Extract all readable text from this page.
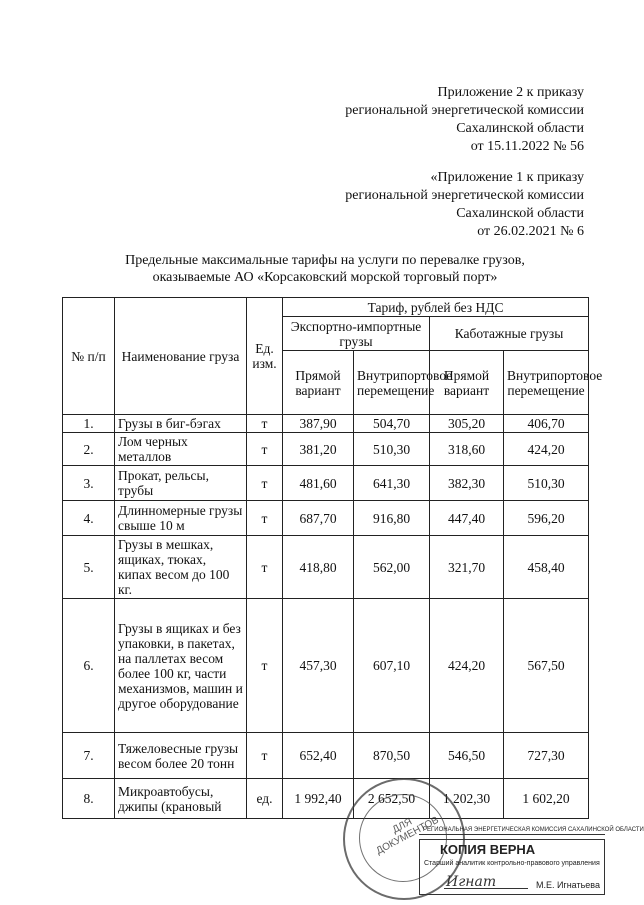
Приложение 2 к приказу
региональной энергетической комиссии
Сахалинской области
от 15.11.2022 № 56
«Приложение 1 к приказу
региональной энергетической комиссии
Сахалинской области
от 26.02.2021 № 6
Предельные максимальные тарифы на услуги по перевалке грузов,
оказываемые АО «Корсаковский морской торговый порт»
№ п/п	Наименование груза	Ед. изм.	Тариф, рублей без НДС			
			Экспортно-импортные грузы		Каботажные грузы	
			Прямой вариант	Внутрипортовое перемещение	Прямой вариант	Внутрипортовое перемещение
1.	Грузы в биг-бэгах	т	387,90	504,70	305,20	406,70
2.	Лом черных металлов	т	381,20	510,30	318,60	424,20
3.	Прокат, рельсы, трубы	т	481,60	641,30	382,30	510,30
4.	Длинномерные грузы свыше 10 м	т	687,70	916,80	447,40	596,20
5.	Грузы в мешках, ящиках, тюках, кипах весом до 100 кг.	т	418,80	562,00	321,70	458,40
6.	Грузы в ящиках и без упаковки, в пакетах, на паллетах весом более 100 кг, части механизмов, машин и другое оборудование	т	457,30	607,10	424,20	567,50
7.	Тяжеловесные грузы весом более 20 тонн	т	652,40	870,50	546,50	727,30
8.	Микроавтобусы, джипы (крановый	ед.	1 992,40	2 652,50	1 202,30	1 602,20
ДЛЯ ДОКУМЕНТОВ
РЕГИОНАЛЬНАЯ ЭНЕРГЕТИЧЕСКАЯ КОМИССИЯ САХАЛИНСКОЙ ОБЛАСТИ
КОПИЯ ВЕРНА
Старший аналитик контрольно-правового управления
Игнат	М.Е. Игнатьева
